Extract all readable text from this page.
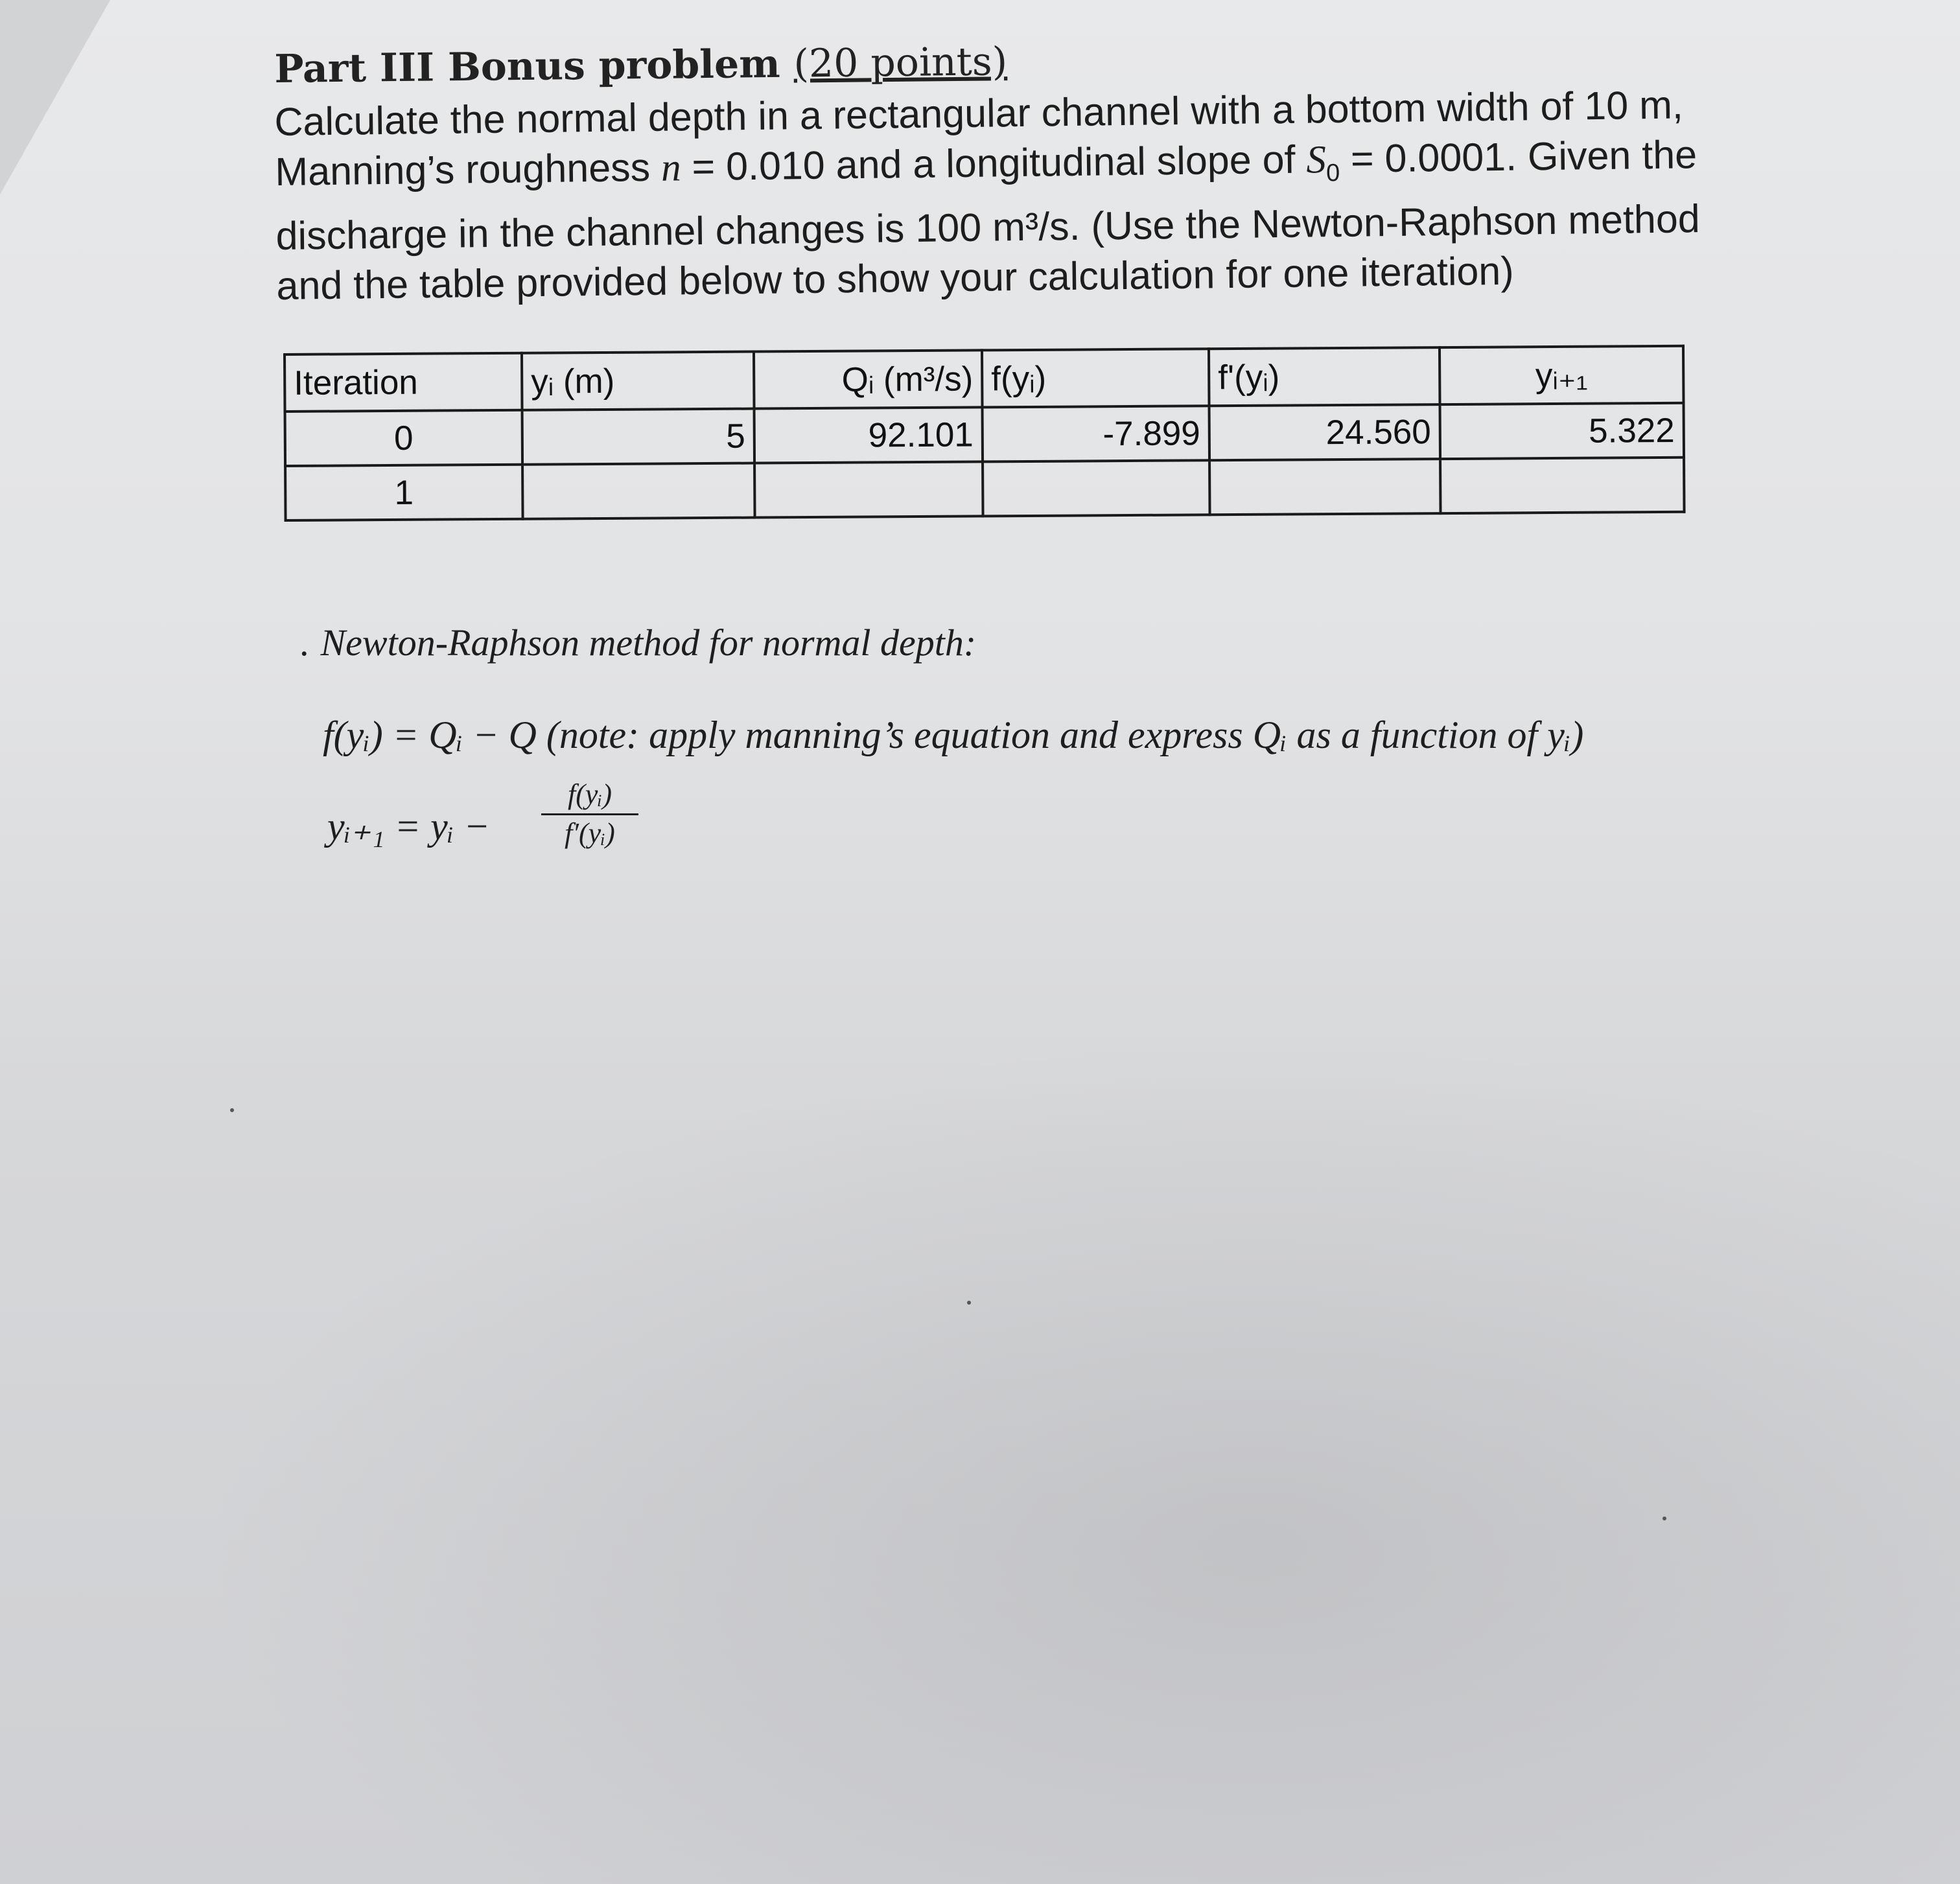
Part III Bonus problem (20 points)

Calculate the normal depth in a rectangular channel with a bottom width of 10 m,

Manning’s roughness n = 0.010 and a longitudinal slope of $S_0 = 0.0001$. Given the

discharge in the channel changes is 100 m³/s. (Use the Newton-Raphson method

and the table provided below to show your calculation for one iteration)

Iteration	yᵢ (m)	Qᵢ (m³/s)	f(yᵢ)	f'(yᵢ)	yᵢ₊₁
0	5	92.101	-7.899	24.560	5.322
1					
. Newton-Raphson method for normal depth:
f(yᵢ) = Qᵢ − Q (note: apply manning’s equation and express Qᵢ as a function of yᵢ)
yᵢ₊₁ = yᵢ − $\frac{\text{f(yᵢ)}}{\text{f′(yᵢ)}}$
